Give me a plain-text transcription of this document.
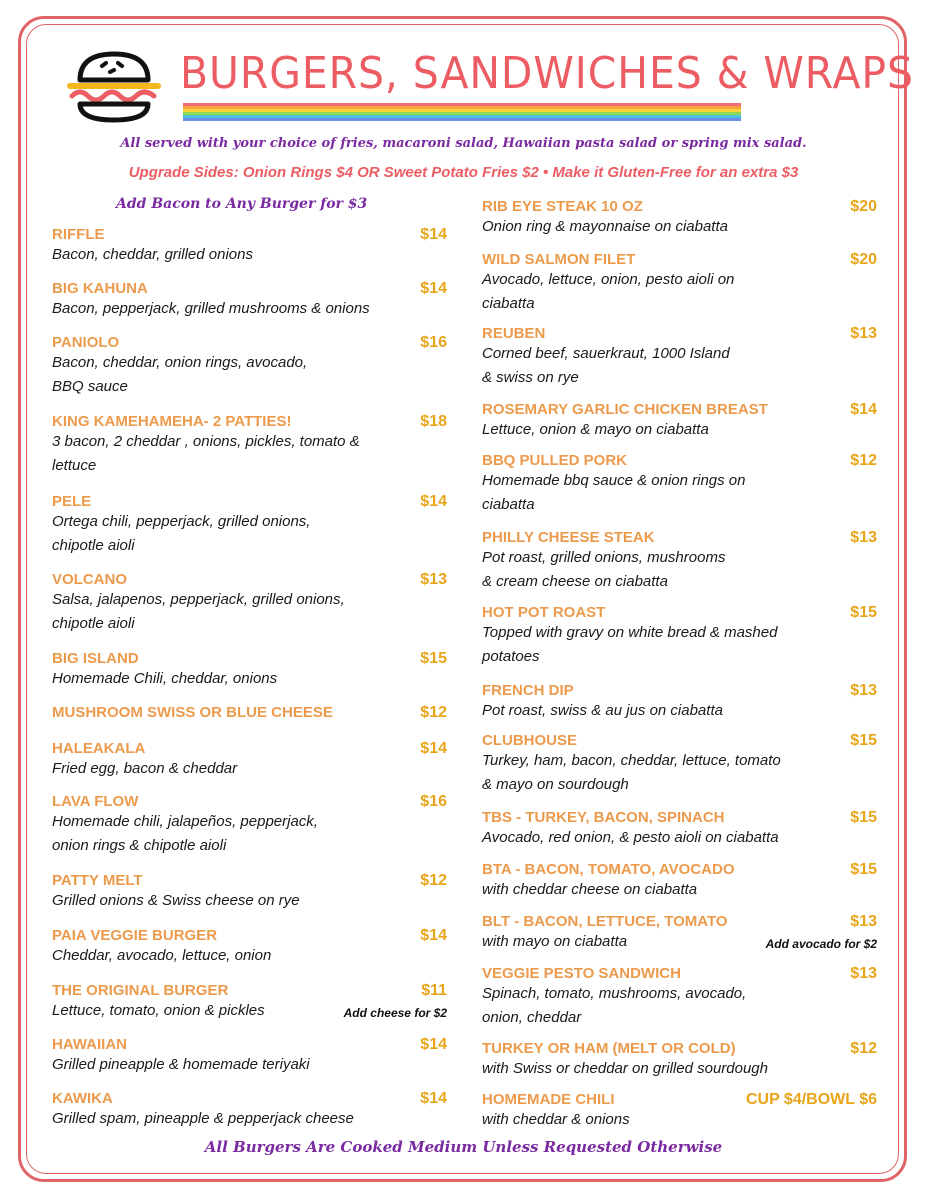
BURGERS, SANDWICHES & WRAPS
All served with your choice of fries, macaroni salad, Hawaiian pasta salad or spring mix salad.
Upgrade Sides: Onion Rings $4 OR Sweet Potato Fries $2 • Make it Gluten-Free for an extra $3
Add Bacon to Any Burger for $3
RIFFLE	$14
Bacon, cheddar, grilled onions
BIG KAHUNA	$14
Bacon, pepperjack, grilled mushrooms & onions
PANIOLO	$16
Bacon, cheddar, onion rings, avocado,
BBQ sauce
KING KAMEHAMEHA- 2 PATTIES!	$18
3 bacon, 2 cheddar , onions, pickles, tomato &
lettuce
PELE	$14
Ortega chili, pepperjack, grilled onions,
chipotle aioli
VOLCANO	$13
Salsa, jalapenos, pepperjack, grilled onions,
chipotle aioli
BIG ISLAND	$15
Homemade Chili, cheddar, onions
MUSHROOM SWISS OR BLUE CHEESE	$12
HALEAKALA	$14
Fried egg, bacon & cheddar
LAVA FLOW	$16
Homemade chili, jalapeños, pepperjack,
onion rings & chipotle aioli
PATTY MELT	$12
Grilled onions & Swiss cheese on rye
PAIA VEGGIE BURGER	$14
Cheddar, avocado, lettuce, onion
THE ORIGINAL BURGER	$11
Lettuce, tomato, onion & pickles	Add cheese for $2
HAWAIIAN	$14
Grilled pineapple & homemade teriyaki
KAWIKA	$14
Grilled spam, pineapple & pepperjack cheese
RIB EYE STEAK 10 OZ	$20
Onion ring & mayonnaise on ciabatta
WILD SALMON FILET	$20
Avocado, lettuce, onion, pesto aioli on
ciabatta
REUBEN	$13
Corned beef, sauerkraut, 1000 Island
& swiss on rye
ROSEMARY GARLIC CHICKEN BREAST	$14
Lettuce, onion & mayo on ciabatta
BBQ PULLED PORK	$12
Homemade bbq sauce & onion rings on
ciabatta
PHILLY CHEESE STEAK	$13
Pot roast, grilled onions, mushrooms
& cream cheese on ciabatta
HOT POT ROAST	$15
Topped with gravy on white bread & mashed
potatoes
FRENCH DIP	$13
Pot roast, swiss & au jus on ciabatta
CLUBHOUSE	$15
Turkey, ham, bacon, cheddar, lettuce, tomato
& mayo on sourdough
TBS - TURKEY, BACON, SPINACH	$15
Avocado, red onion, & pesto aioli on ciabatta
BTA - BACON, TOMATO, AVOCADO	$15
with cheddar cheese on ciabatta
BLT - BACON, LETTUCE, TOMATO	$13
with mayo on ciabatta	Add avocado for $2
VEGGIE PESTO SANDWICH	$13
Spinach, tomato, mushrooms, avocado,
onion, cheddar
TURKEY OR HAM (MELT OR COLD)	$12
with Swiss or cheddar on grilled sourdough
HOMEMADE CHILI	CUP $4/BOWL $6
with cheddar & onions
All Burgers Are Cooked Medium Unless Requested Otherwise
